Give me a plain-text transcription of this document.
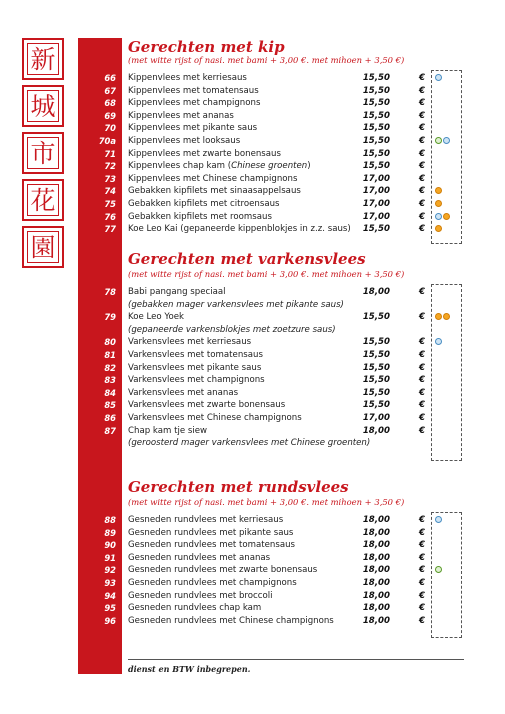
新
城
市
花
園
Gerechten met kip
(met witte rijst of nasi. met bami + 3,00 €. met mihoen + 3,50 €)
66 Kippenvlees met kerriesaus	15,50	€
67 Kippenvlees met tomatensaus	15,50	€
68 Kippenvlees met champignons	15,50	€
69 Kippenvlees met ananas	15,50	€
70 Kippenvlees met pikante saus	15,50	€
70a Kippenvlees met looksaus	15,50	€
71 Kippenvlees met zwarte bonensaus	15,50	€
72 Kippenvlees chap kam (Chinese groenten)	15,50	€
73 Kippenvlees met Chinese champignons	17,00	€
74 Gebakken kipfilets met sinaasappelsaus	17,00	€
75 Gebakken kipfilets met citroensaus	17,00	€
76 Gebakken kipfilets met roomsaus	17,00	€
77 Koe Leo Kai (gepaneerde kippenblokjes in z.z. saus)	15,50	€
Gerechten met varkensvlees
(met witte rijst of nasi. met bami + 3,00 €. met mihoen + 3,50 €)
78 Babi pangang speciaal	18,00	€
(gebakken mager varkensvlees met pikante saus)
79 Koe Leo Yoek	15,50	€
(gepaneerde varkensblokjes met zoetzure saus)
80 Varkensvlees met kerriesaus	15,50	€
81 Varkensvlees met tomatensaus	15,50	€
82 Varkensvlees met pikante saus	15,50	€
83 Varkensvlees met champignons	15,50	€
84 Varkensvlees met ananas	15,50	€
85 Varkensvlees met zwarte bonensaus	15,50	€
86 Varkensvlees met Chinese champignons	17,00	€
87 Chap kam tje siew	18,00	€
(geroosterd mager varkensvlees met Chinese groenten)
Gerechten met rundsvlees
(met witte rijst of nasi. met bami + 3,00 €. met mihoen + 3,50 €)
88 Gesneden rundvlees met kerriesaus	18,00	€
89 Gesneden rundvlees met pikante saus	18,00	€
90 Gesneden rundvlees met tomatensaus	18,00	€
91 Gesneden rundvlees met ananas	18,00	€
92 Gesneden rundvlees met zwarte bonensaus	18,00	€
93 Gesneden rundvlees met champignons	18,00	€
94 Gesneden rundvlees met broccoli	18,00	€
95 Gesneden rundvlees chap kam	18,00	€
96 Gesneden rundvlees met Chinese champignons	18,00	€
dienst en BTW inbegrepen.
